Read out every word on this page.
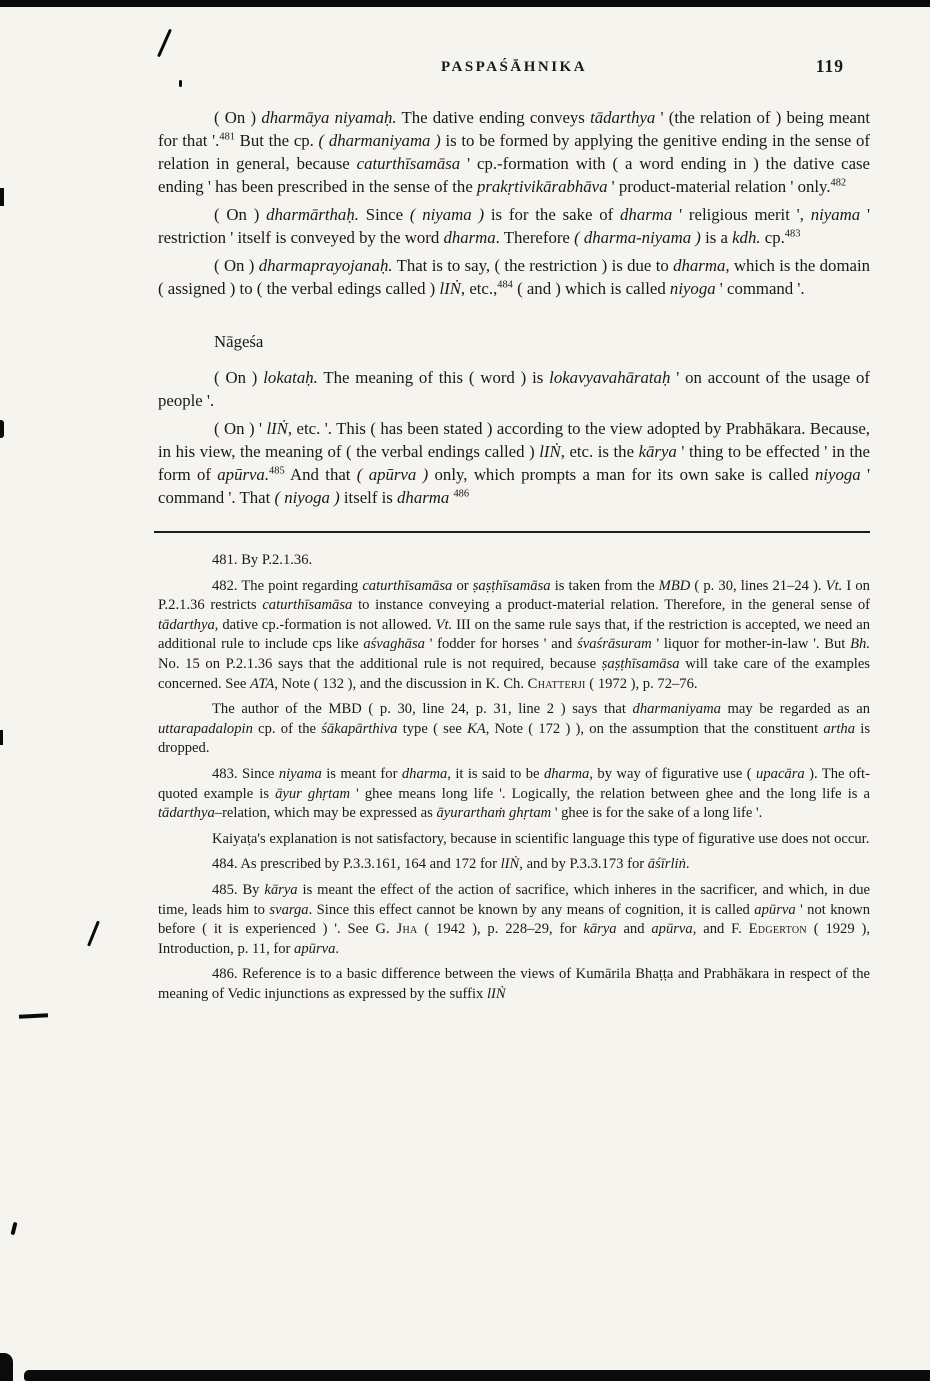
PASPAŚĀHNIKA	119

( On ) dharmāya niyamaḥ. The dative ending conveys tādarthya ' (the relation of ) being meant for that '.$^{481}$ But the cp. ( dharmaniyama ) is to be formed by applying the genitive ending in the sense of relation in general, because caturthīsamāsa ' cp.-formation with ( a word ending in ) the dative case ending ' has been prescribed in the sense of the prakṛtivikārabhāva ' product-material relation ' only.$^{482}$

( On ) dharmārthaḥ. Since ( niyama ) is for the sake of dharma ' religious merit ', niyama ' restriction ' itself is conveyed by the word dharma. Therefore ( dharma-niyama ) is a kdh. cp.$^{483}$

( On ) dharmaprayojanaḥ. That is to say, ( the restriction ) is due to dharma, which is the domain ( assigned ) to ( the verbal edings called ) lIṄ, etc.,$^{484}$ ( and ) which is called niyoga ' command '.

Nāgeśa

( On ) lokataḥ. The meaning of this ( word ) is lokavyavahārataḥ ' on account of the usage of people '.

( On ) ' lIṄ, etc. '. This ( has been stated ) according to the view adopted by Prabhākara. Because, in his view, the meaning of ( the verbal endings called ) lIṄ, etc. is the kārya ' thing to be effected ' in the form of apūrva.$^{485}$ And that ( apūrva ) only, which prompts a man for its own sake is called niyoga ' command '. That ( niyoga ) itself is dharma $^{486}$

481. By P.2.1.36.

482. The point regarding caturthīsamāsa or ṣaṣṭhīsamāsa is taken from the MBD ( p. 30, lines 21–24 ). Vt. I on P.2.1.36 restricts caturthīsamāsa to instance conveying a product-material relation. Therefore, in the general sense of tādarthya, dative cp.-formation is not allowed. Vt. III on the same rule says that, if the restriction is accepted, we need an additional rule to include cps like aśvaghāsa ' fodder for horses ' and śvaśrāsuram ' liquor for mother-in-law '. But Bh. No. 15 on P.2.1.36 says that the additional rule is not required, because ṣaṣṭhīsamāsa will take care of the examples concerned. See ATA, Note ( 132 ), and the discussion in K. Ch. Chatterji ( 1972 ), p. 72–76.

The author of the MBD ( p. 30, line 24, p. 31, line 2 ) says that dharmaniyama may be regarded as an uttarapadalopin cp. of the śākapārthiva type ( see KA, Note ( 172 ) ), on the assumption that the constituent artha is dropped.

483. Since niyama is meant for dharma, it is said to be dharma, by way of figurative use ( upacāra ). The oft-quoted example is āyur ghṛtam ' ghee means long life '. Logically, the relation between ghee and the long life is a tādarthya–relation, which may be expressed as āyurarthaṁ ghṛtam ' ghee is for the sake of a long life '.

Kaiyaṭa's explanation is not satisfactory, because in scientific language this type of figurative use does not occur.

484. As prescribed by P.3.3.161, 164 and 172 for lIṄ, and by P.3.3.173 for āśīrliṅ.

485. By kārya is meant the effect of the action of sacrifice, which inheres in the sacrificer, and which, in due time, leads him to svarga. Since this effect cannot be known by any means of cognition, it is called apūrva ' not known before ( it is experienced ) '. See G. Jha ( 1942 ), p. 228–29, for kārya and apūrva, and F. Edgerton ( 1929 ), Introduction, p. 11, for apūrva.

486. Reference is to a basic difference between the views of Kumārila Bhaṭṭa and Prabhākara in respect of the meaning of Vedic injunctions as expressed by the suffix lIṄ
